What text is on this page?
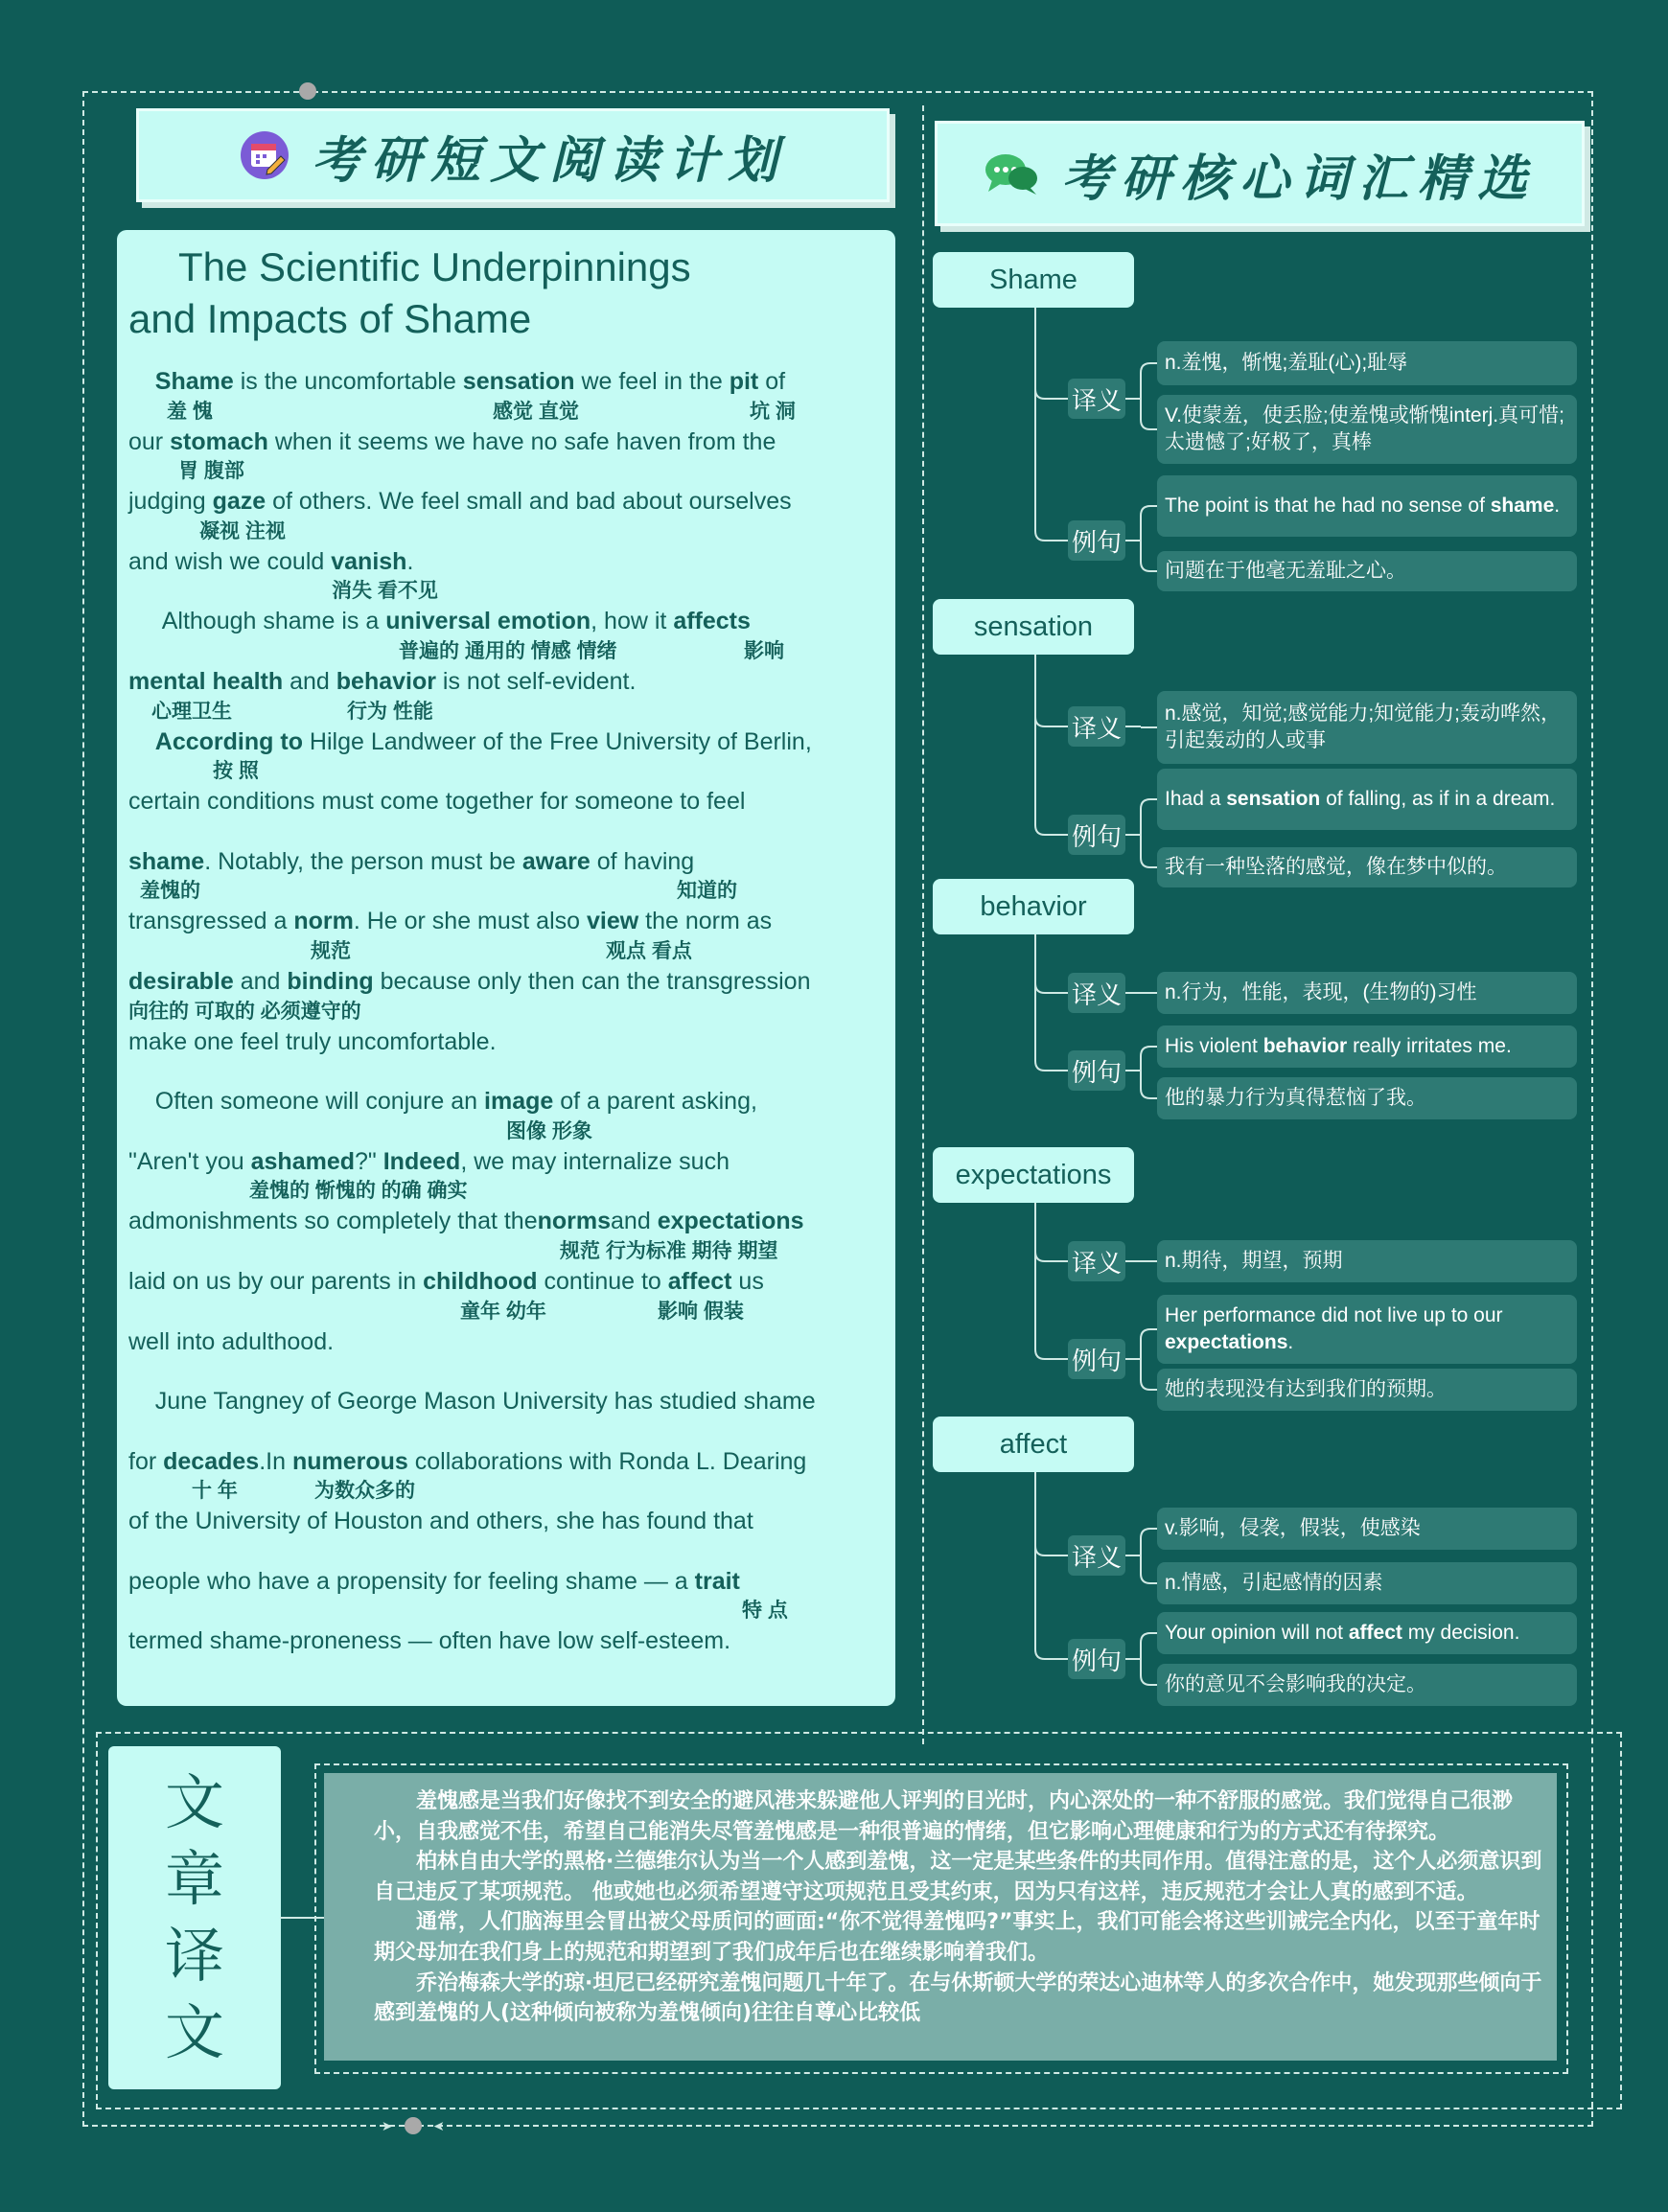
➤	➤
考研短文阅读计划	考研核心词汇精选
The Scientific Underpinnings
and Impacts of Shame
Shame is the uncomfortable sensation we feel in the pit of
羞 愧	感觉 直觉	坑 洞
our stomach when it seems we have no safe haven from the
胃 腹部
judging gaze of others. We feel small and bad about ourselves
凝视 注视
and wish we could vanish.
消失 看不见
Although shame is a universal emotion, how it affects
普遍的 通用的 情感 情绪	影响
mental health and behavior is not self-evident.
心理卫生	行为 性能
According to Hilge Landweer of the Free University of Berlin,
按 照
certain conditions must come together for someone to feel
shame. Notably, the person must be aware of having
羞愧的	知道的
transgressed a norm. He or she must also view the norm as
规范	观点 看点
desirable and binding because only then can the transgression
向往的 可取的 必须遵守的
make one feel truly uncomfortable.
Often someone will conjure an image of a parent asking,
图像 形象
"Aren't you ashamed?" Indeed, we may internalize such
羞愧的 惭愧的 的确 确实
admonishments so completely that thenormsand expectations
规范 行为标准 期待 期望
laid on us by our parents in childhood continue to affect us
童年 幼年	影响 假装
well into adulthood.
June Tangney of George Mason University has studied shame
for decades.In numerous collaborations with Ronda L. Dearing
十 年	为数众多的
of the University of Houston and others, she has found that
people who have a propensity for feeling shame — a trait
特 点
termed shame-proneness — often have low self-esteem.
Shame
译义
例句
n.羞愧，惭愧;羞耻(心);耻辱
V.使蒙羞，使丢脸;使羞愧或惭愧interj.真可惜;太遗憾了;好极了，真棒
The point is that he had no sense of shame.
问题在于他毫无羞耻之心。
sensation
译义
例句
n.感觉，知觉;感觉能力;知觉能力;轰动哗然，引起轰动的人或事
Ihad a sensation of falling, as if in a dream.
我有一种坠落的感觉，像在梦中似的。
behavior
译义
例句
n.行为，性能，表现，(生物的)习性
His violent behavior really irritates me.
他的暴力行为真得惹恼了我。
expectations
译义
例句
n.期待，期望，预期
Her performance did not live up to our expectations.
她的表现没有达到我们的预期。
affect
译义
例句
v.影响，侵袭，假装，使感染
n.情感，引起感情的因素
Your opinion will not affect my decision.
你的意见不会影响我的决定。
文
章
译
文

羞愧感是当我们好像找不到安全的避风港来躲避他人评判的目光时，内心深处的一种不舒服的感觉。我们觉得自己很渺小，自我感觉不佳，希望自己能消失尽管羞愧感是一种很普遍的情绪，但它影响心理健康和行为的方式还有待探究。

柏林自由大学的黑格·兰德维尔认为当一个人感到羞愧，这一定是某些条件的共同作用。值得注意的是，这个人必须意识到自己违反了某项规范。 他或她也必须希望遵守这项规范且受其约束，因为只有这样，违反规范才会让人真的感到不适。

通常，人们脑海里会冒出被父母质问的画面:“你不觉得羞愧吗?”事实上，我们可能会将这些训诫完全内化，以至于童年时期父母加在我们身上的规范和期望到了我们成年后也在继续影响着我们。

乔治梅森大学的琼·坦尼已经研究羞愧问题几十年了。在与休斯顿大学的荣达心迪林等人的多次合作中，她发现那些倾向于感到羞愧的人(这种倾向被称为羞愧倾向)往往自尊心比较低
